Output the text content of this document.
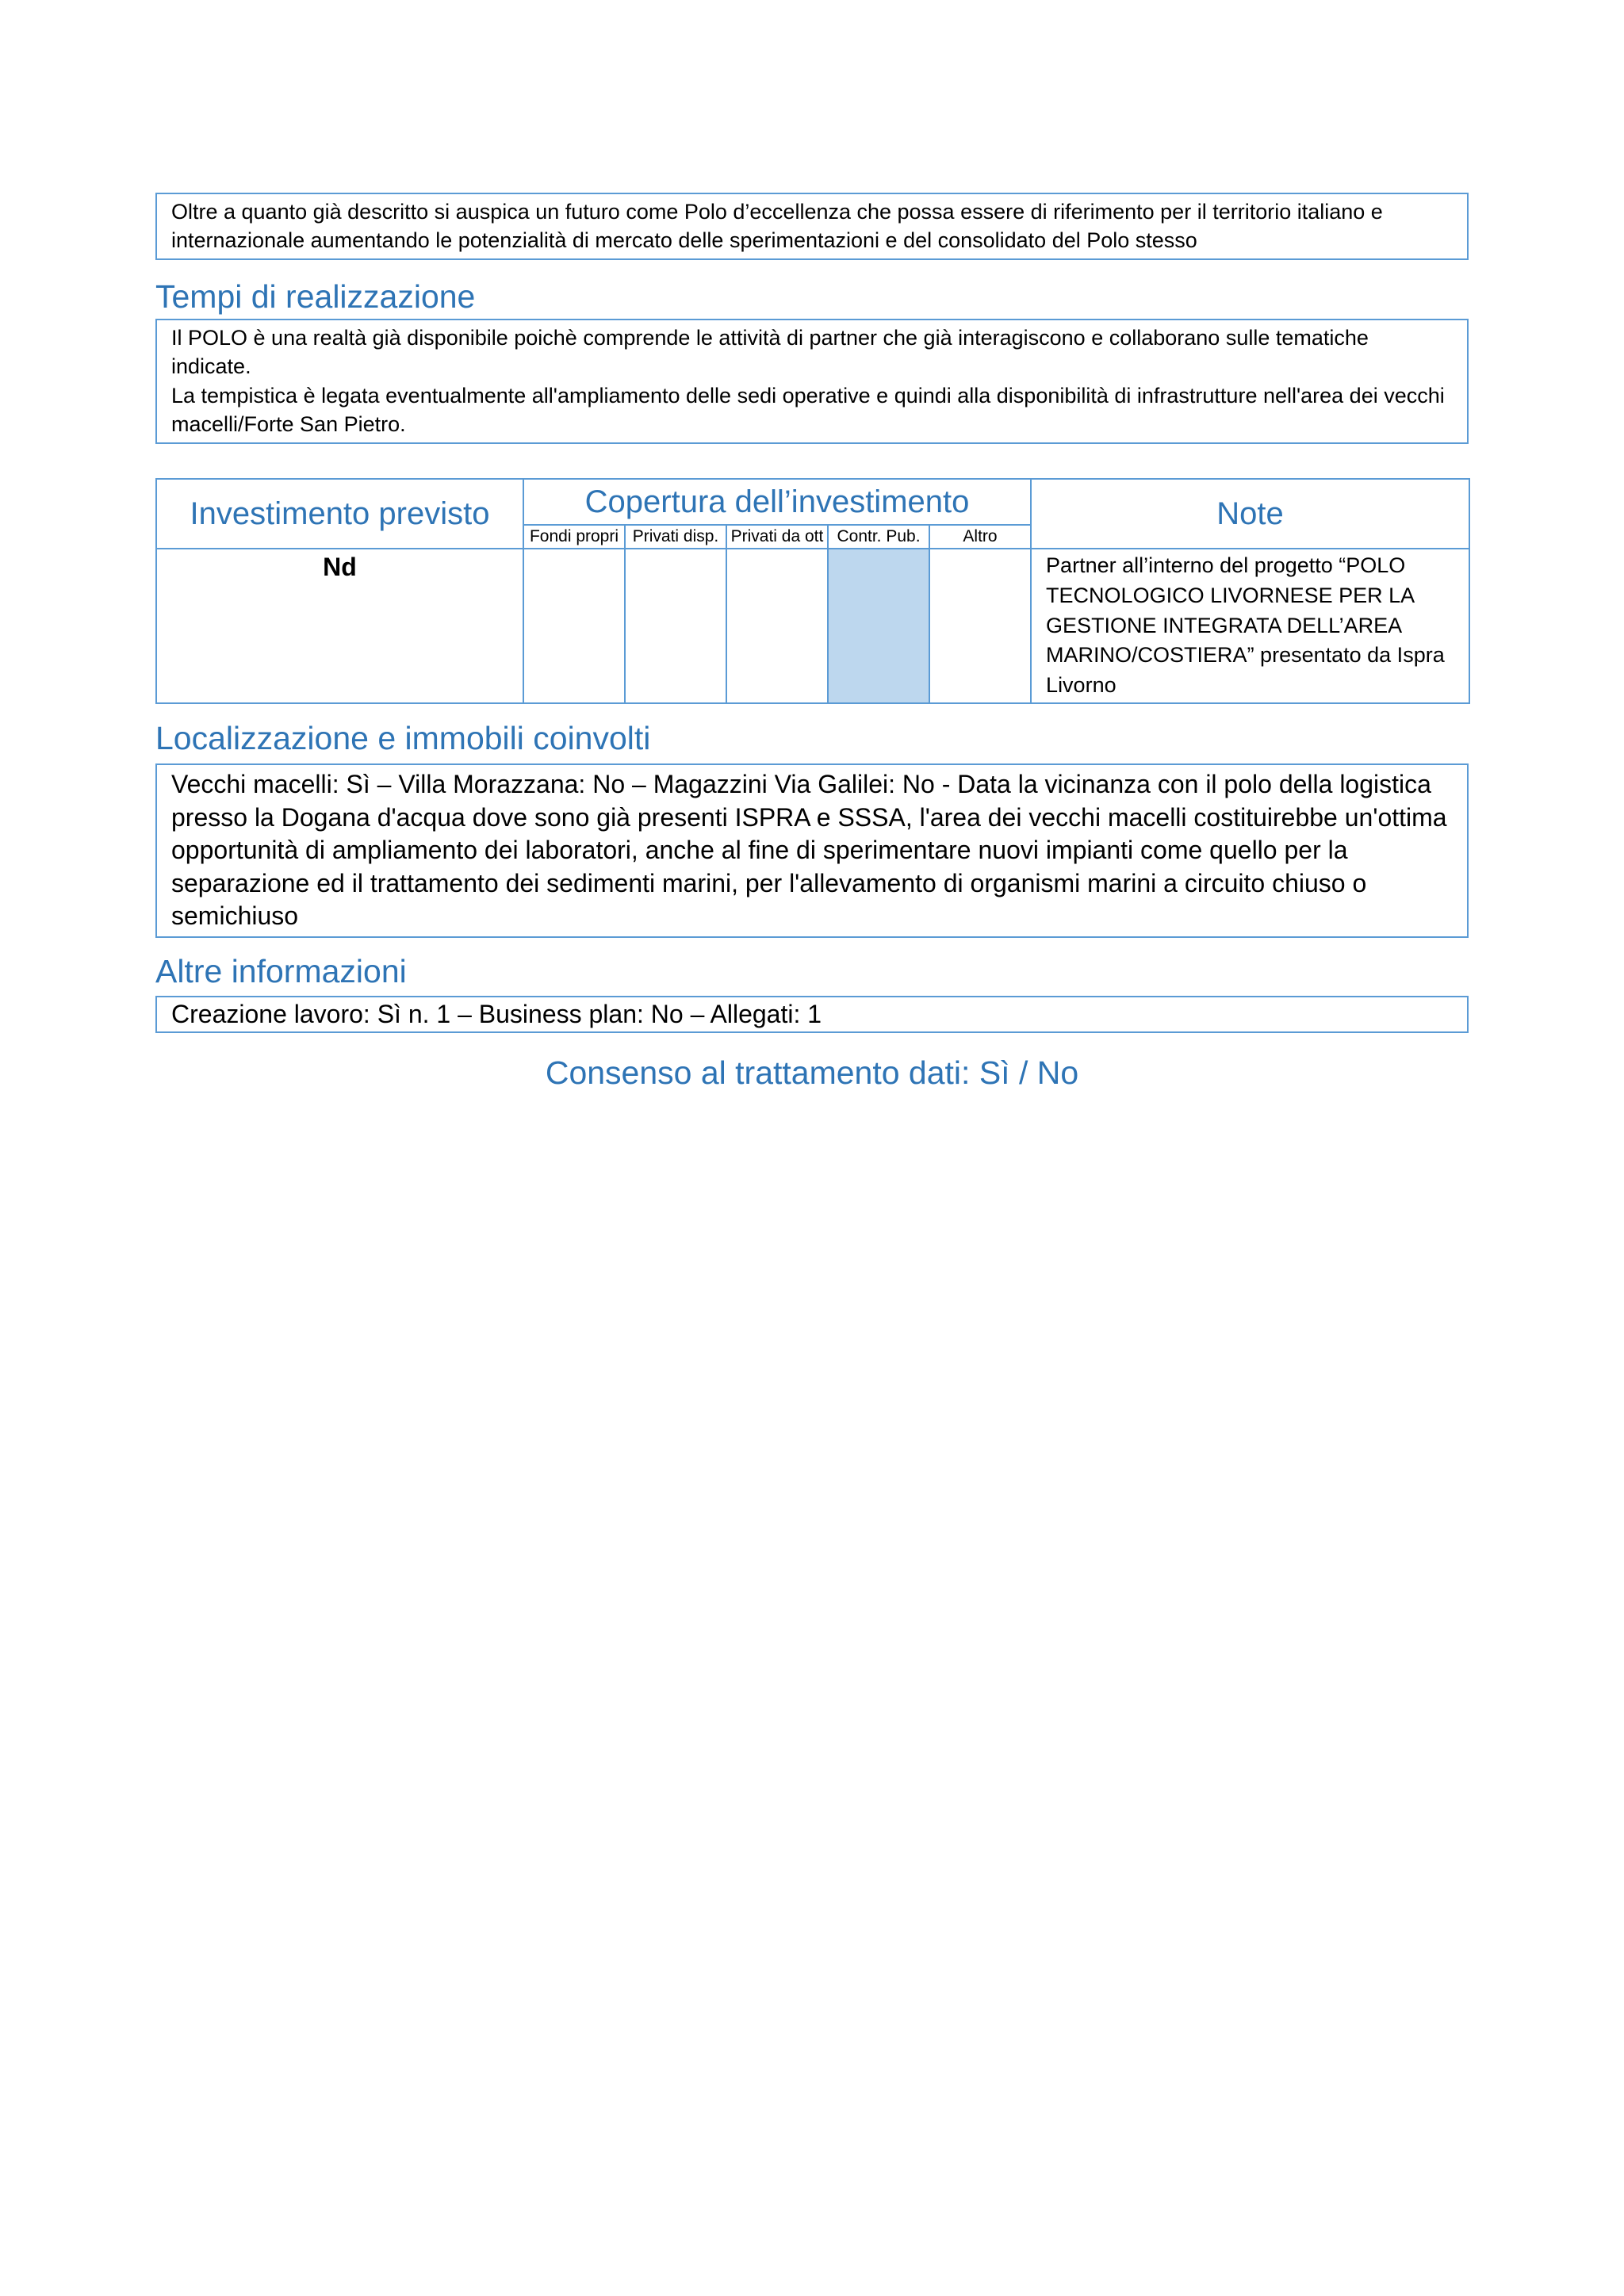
Oltre a quanto già descritto si auspica un futuro come Polo d’eccellenza che possa essere di riferimento per il territorio italiano e internazionale aumentando le potenzialità di mercato delle sperimentazioni e del consolidato del Polo stesso

Tempi di realizzazione

Il POLO è una realtà già disponibile poichè comprende le attività di partner che già interagiscono e collaborano sulle tematiche indicate.

La tempistica è legata eventualmente all'ampliamento delle sedi operative e quindi alla disponibilità di infrastrutture nell'area dei vecchi macelli/Forte San Pietro.

Investimento previsto	Copertura dell’investimento					Note
	Fondi propri	Privati disp.	Privati da ott	Contr. Pub.	Altro	
Nd						Partner all’interno del progetto “POLO TECNOLOGICO LIVORNESE PER LA GESTIONE INTEGRATA DELL’AREA MARINO/COSTIERA” presentato da Ispra Livorno
Localizzazione e immobili coinvolti

Vecchi macelli: Sì – Villa Morazzana: No – Magazzini Via Galilei: No - Data la vicinanza con il polo della logistica presso la Dogana d'acqua dove sono già presenti ISPRA e SSSA, l'area dei vecchi macelli costituirebbe un'ottima opportunità di ampliamento dei laboratori, anche al fine di sperimentare nuovi impianti come quello per la separazione ed il trattamento dei sedimenti marini, per l'allevamento di organismi marini a circuito chiuso o semichiuso

Altre informazioni

Creazione lavoro: Sì n. 1 – Business plan: No – Allegati: 1

Consenso al trattamento dati: Sì / No
